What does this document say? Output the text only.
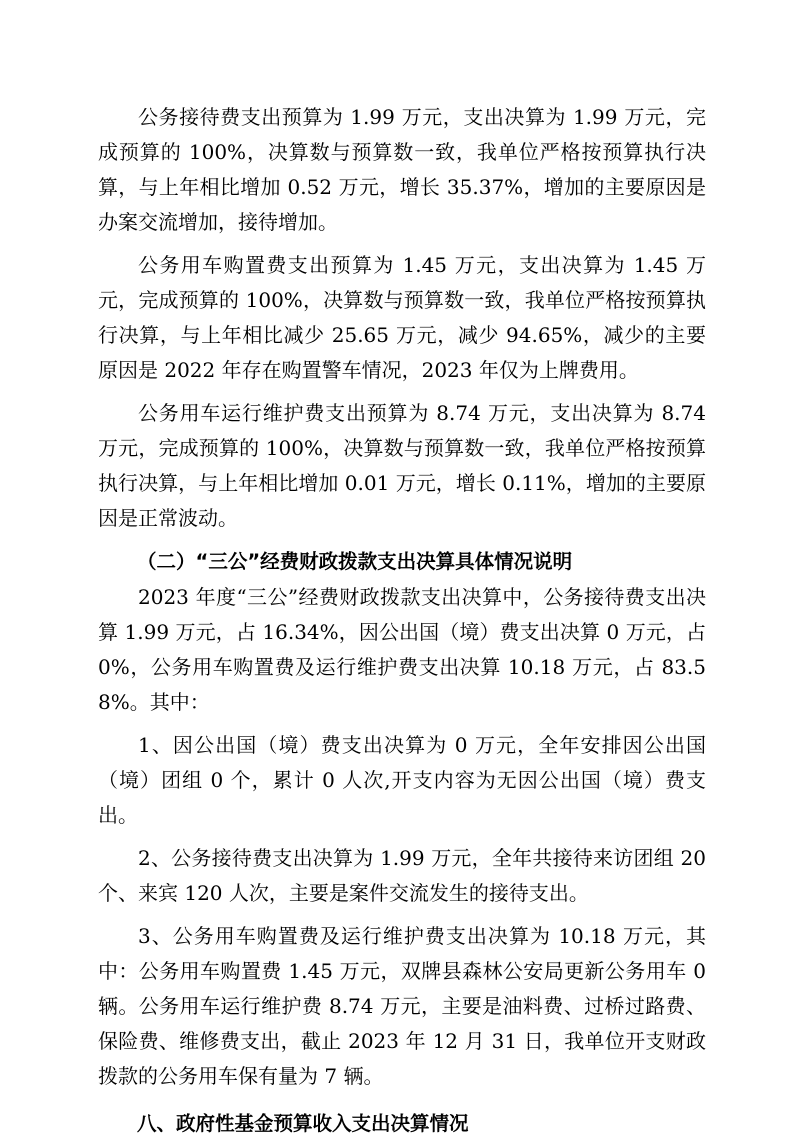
公务接待费支出预算为 1.99 万元，支出决算为 1.99 万元，完成预算的 100%，决算数与预算数一致，我单位严格按预算执行决算，与上年相比增加 0.52 万元，增长 35.37%，增加的主要原因是办案交流增加，接待增加。

公务用车购置费支出预算为 1.45 万元，支出决算为 1.45 万元，完成预算的 100%，决算数与预算数一致，我单位严格按预算执行决算，与上年相比减少 25.65 万元，减少 94.65%，减少的主要原因是 2022 年存在购置警车情况，2023 年仅为上牌费用。

公务用车运行维护费支出预算为 8.74 万元，支出决算为 8.74 万元，完成预算的 100%，决算数与预算数一致，我单位严格按预算执行决算，与上年相比增加 0.01 万元，增长 0.11%，增加的主要原因是正常波动。

（二）“三公”经费财政拨款支出决算具体情况说明

2023 年度“三公”经费财政拨款支出决算中，公务接待费支出决算 1.99 万元，占 16.34%，因公出国（境）费支出决算 0 万元，占 0%，公务用车购置费及运行维护费支出决算 10.18 万元，占 83.58%。其中：

1、因公出国（境）费支出决算为 0 万元，全年安排因公出国（境）团组 0 个，累计 0 人次,开支内容为无因公出国（境）费支出。

2、公务接待费支出决算为 1.99 万元，全年共接待来访团组 20 个、来宾 120 人次，主要是案件交流发生的接待支出。

3、公务用车购置费及运行维护费支出决算为 10.18 万元，其中：公务用车购置费 1.45 万元，双牌县森林公安局更新公务用车 0 辆。公务用车运行维护费 8.74 万元，主要是油料费、过桥过路费、保险费、维修费支出，截止 2023 年 12 月 31 日，我单位开支财政拨款的公务用车保有量为 7 辆。

八、政府性基金预算收入支出决算情况
